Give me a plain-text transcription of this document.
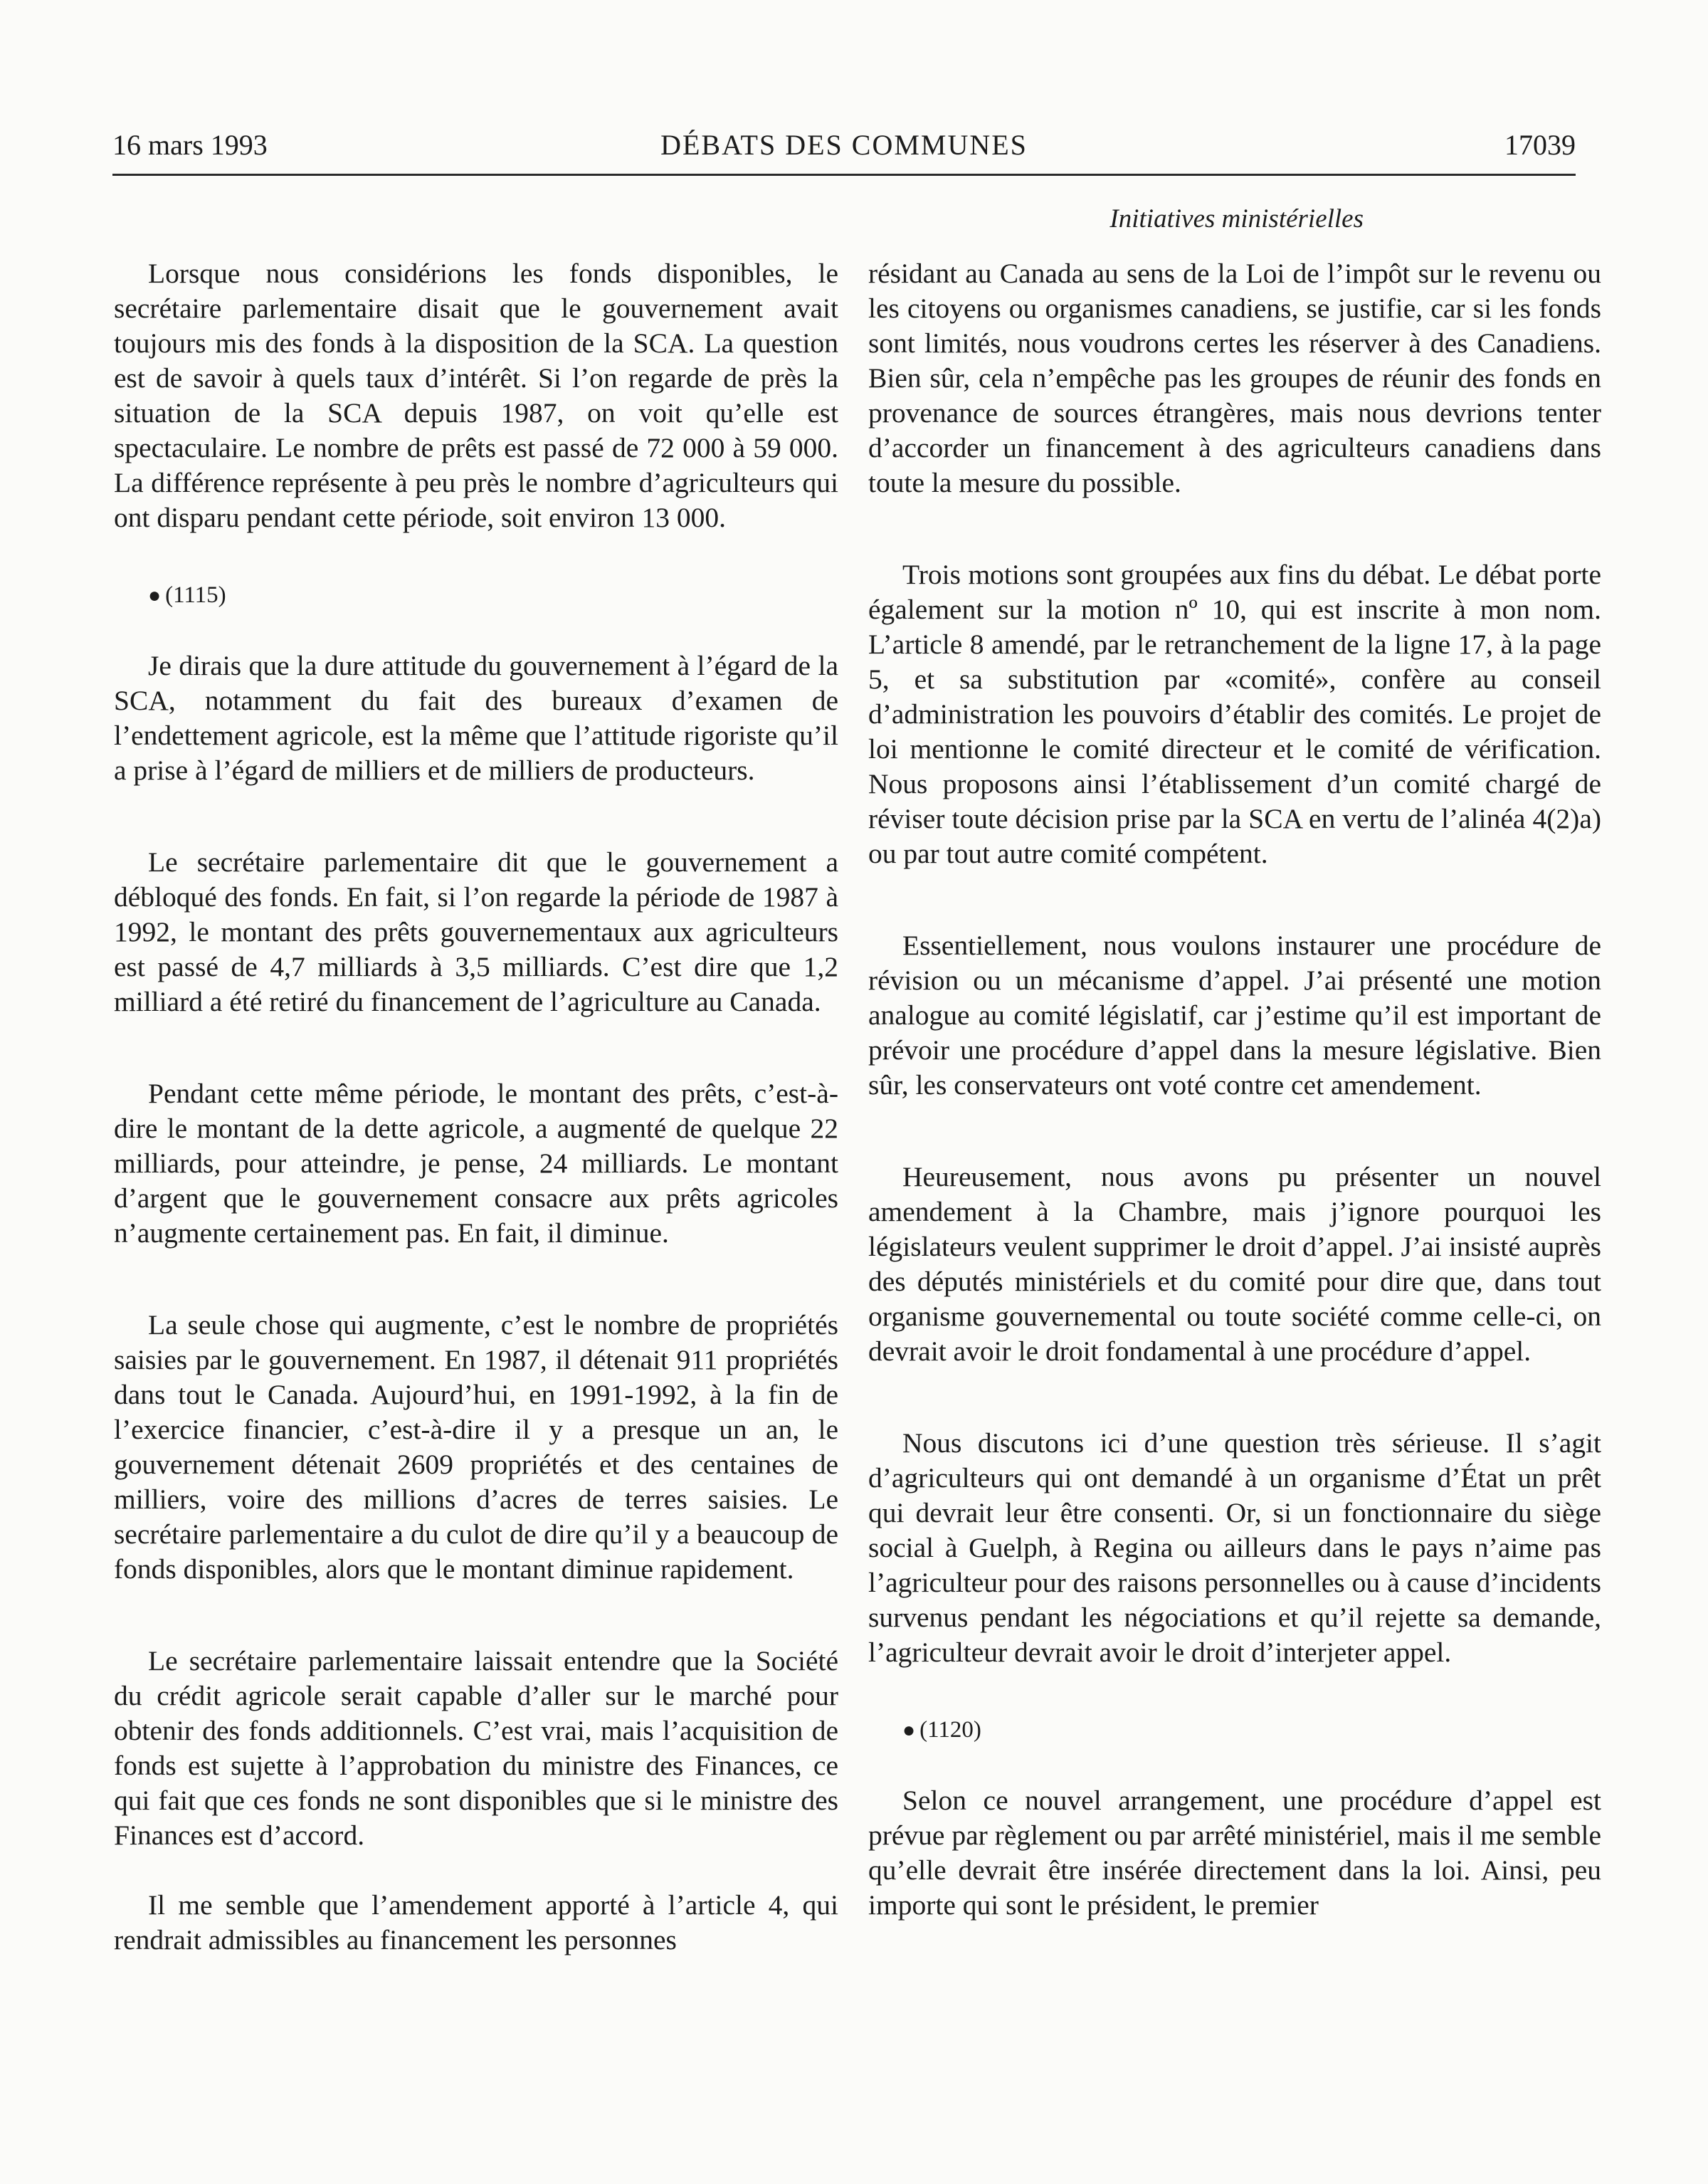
16 mars 1993	DÉBATS DES COMMUNES	17039
Initiatives ministérielles

Lorsque nous considérions les fonds disponibles, le secrétaire parlementaire disait que le gouvernement avait toujours mis des fonds à la disposition de la SCA. La question est de savoir à quels taux d’intérêt. Si l’on regarde de près la situation de la SCA depuis 1987, on voit qu’elle est spectaculaire. Le nombre de prêts est passé de 72 000 à 59 000. La différence représente à peu près le nombre d’agriculteurs qui ont disparu pendant cette période, soit environ 13 000.

● (1115)

Je dirais que la dure attitude du gouvernement à l’égard de la SCA, notamment du fait des bureaux d’examen de l’endettement agricole, est la même que l’attitude rigoriste qu’il a prise à l’égard de milliers et de milliers de producteurs.

Le secrétaire parlementaire dit que le gouvernement a débloqué des fonds. En fait, si l’on regarde la période de 1987 à 1992, le montant des prêts gouvernementaux aux agriculteurs est passé de 4,7 milliards à 3,5 milliards. C’est dire que 1,2 milliard a été retiré du financement de l’agriculture au Canada.

Pendant cette même période, le montant des prêts, c’est-à-dire le montant de la dette agricole, a augmenté de quelque 22 milliards, pour atteindre, je pense, 24 milliards. Le montant d’argent que le gouvernement consacre aux prêts agricoles n’augmente certainement pas. En fait, il diminue.

La seule chose qui augmente, c’est le nombre de propriétés saisies par le gouvernement. En 1987, il détenait 911 propriétés dans tout le Canada. Aujourd’hui, en 1991-1992, à la fin de l’exercice financier, c’est-à-dire il y a presque un an, le gouvernement détenait 2609 propriétés et des centaines de milliers, voire des millions d’acres de terres saisies. Le secrétaire parlementaire a du culot de dire qu’il y a beaucoup de fonds disponibles, alors que le montant diminue rapidement.

Le secrétaire parlementaire laissait entendre que la Société du crédit agricole serait capable d’aller sur le marché pour obtenir des fonds additionnels. C’est vrai, mais l’acquisition de fonds est sujette à l’approbation du ministre des Finances, ce qui fait que ces fonds ne sont disponibles que si le ministre des Finances est d’accord.

Il me semble que l’amendement apporté à l’article 4, qui rendrait admissibles au financement les personnes

résidant au Canada au sens de la Loi de l’impôt sur le revenu ou les citoyens ou organismes canadiens, se justifie, car si les fonds sont limités, nous voudrons certes les réserver à des Canadiens. Bien sûr, cela n’empêche pas les groupes de réunir des fonds en provenance de sources étrangères, mais nous devrions tenter d’accorder un financement à des agriculteurs canadiens dans toute la mesure du possible.

Trois motions sont groupées aux fins du débat. Le débat porte également sur la motion nº 10, qui est inscrite à mon nom. L’article 8 amendé, par le retranchement de la ligne 17, à la page 5, et sa substitution par «comité», confère au conseil d’administration les pouvoirs d’établir des comités. Le projet de loi mentionne le comité directeur et le comité de vérification. Nous proposons ainsi l’établissement d’un comité chargé de réviser toute décision prise par la SCA en vertu de l’alinéa 4(2)a) ou par tout autre comité compétent.

Essentiellement, nous voulons instaurer une procédure de révision ou un mécanisme d’appel. J’ai présenté une motion analogue au comité législatif, car j’estime qu’il est important de prévoir une procédure d’appel dans la mesure législative. Bien sûr, les conservateurs ont voté contre cet amendement.

Heureusement, nous avons pu présenter un nouvel amendement à la Chambre, mais j’ignore pourquoi les législateurs veulent supprimer le droit d’appel. J’ai insisté auprès des députés ministériels et du comité pour dire que, dans tout organisme gouvernemental ou toute société comme celle-ci, on devrait avoir le droit fondamental à une procédure d’appel.

Nous discutons ici d’une question très sérieuse. Il s’agit d’agriculteurs qui ont demandé à un organisme d’État un prêt qui devrait leur être consenti. Or, si un fonctionnaire du siège social à Guelph, à Regina ou ailleurs dans le pays n’aime pas l’agriculteur pour des raisons personnelles ou à cause d’incidents survenus pendant les négociations et qu’il rejette sa demande, l’agriculteur devrait avoir le droit d’interjeter appel.

● (1120)

Selon ce nouvel arrangement, une procédure d’appel est prévue par règlement ou par arrêté ministériel, mais il me semble qu’elle devrait être insérée directement dans la loi. Ainsi, peu importe qui sont le président, le premier
